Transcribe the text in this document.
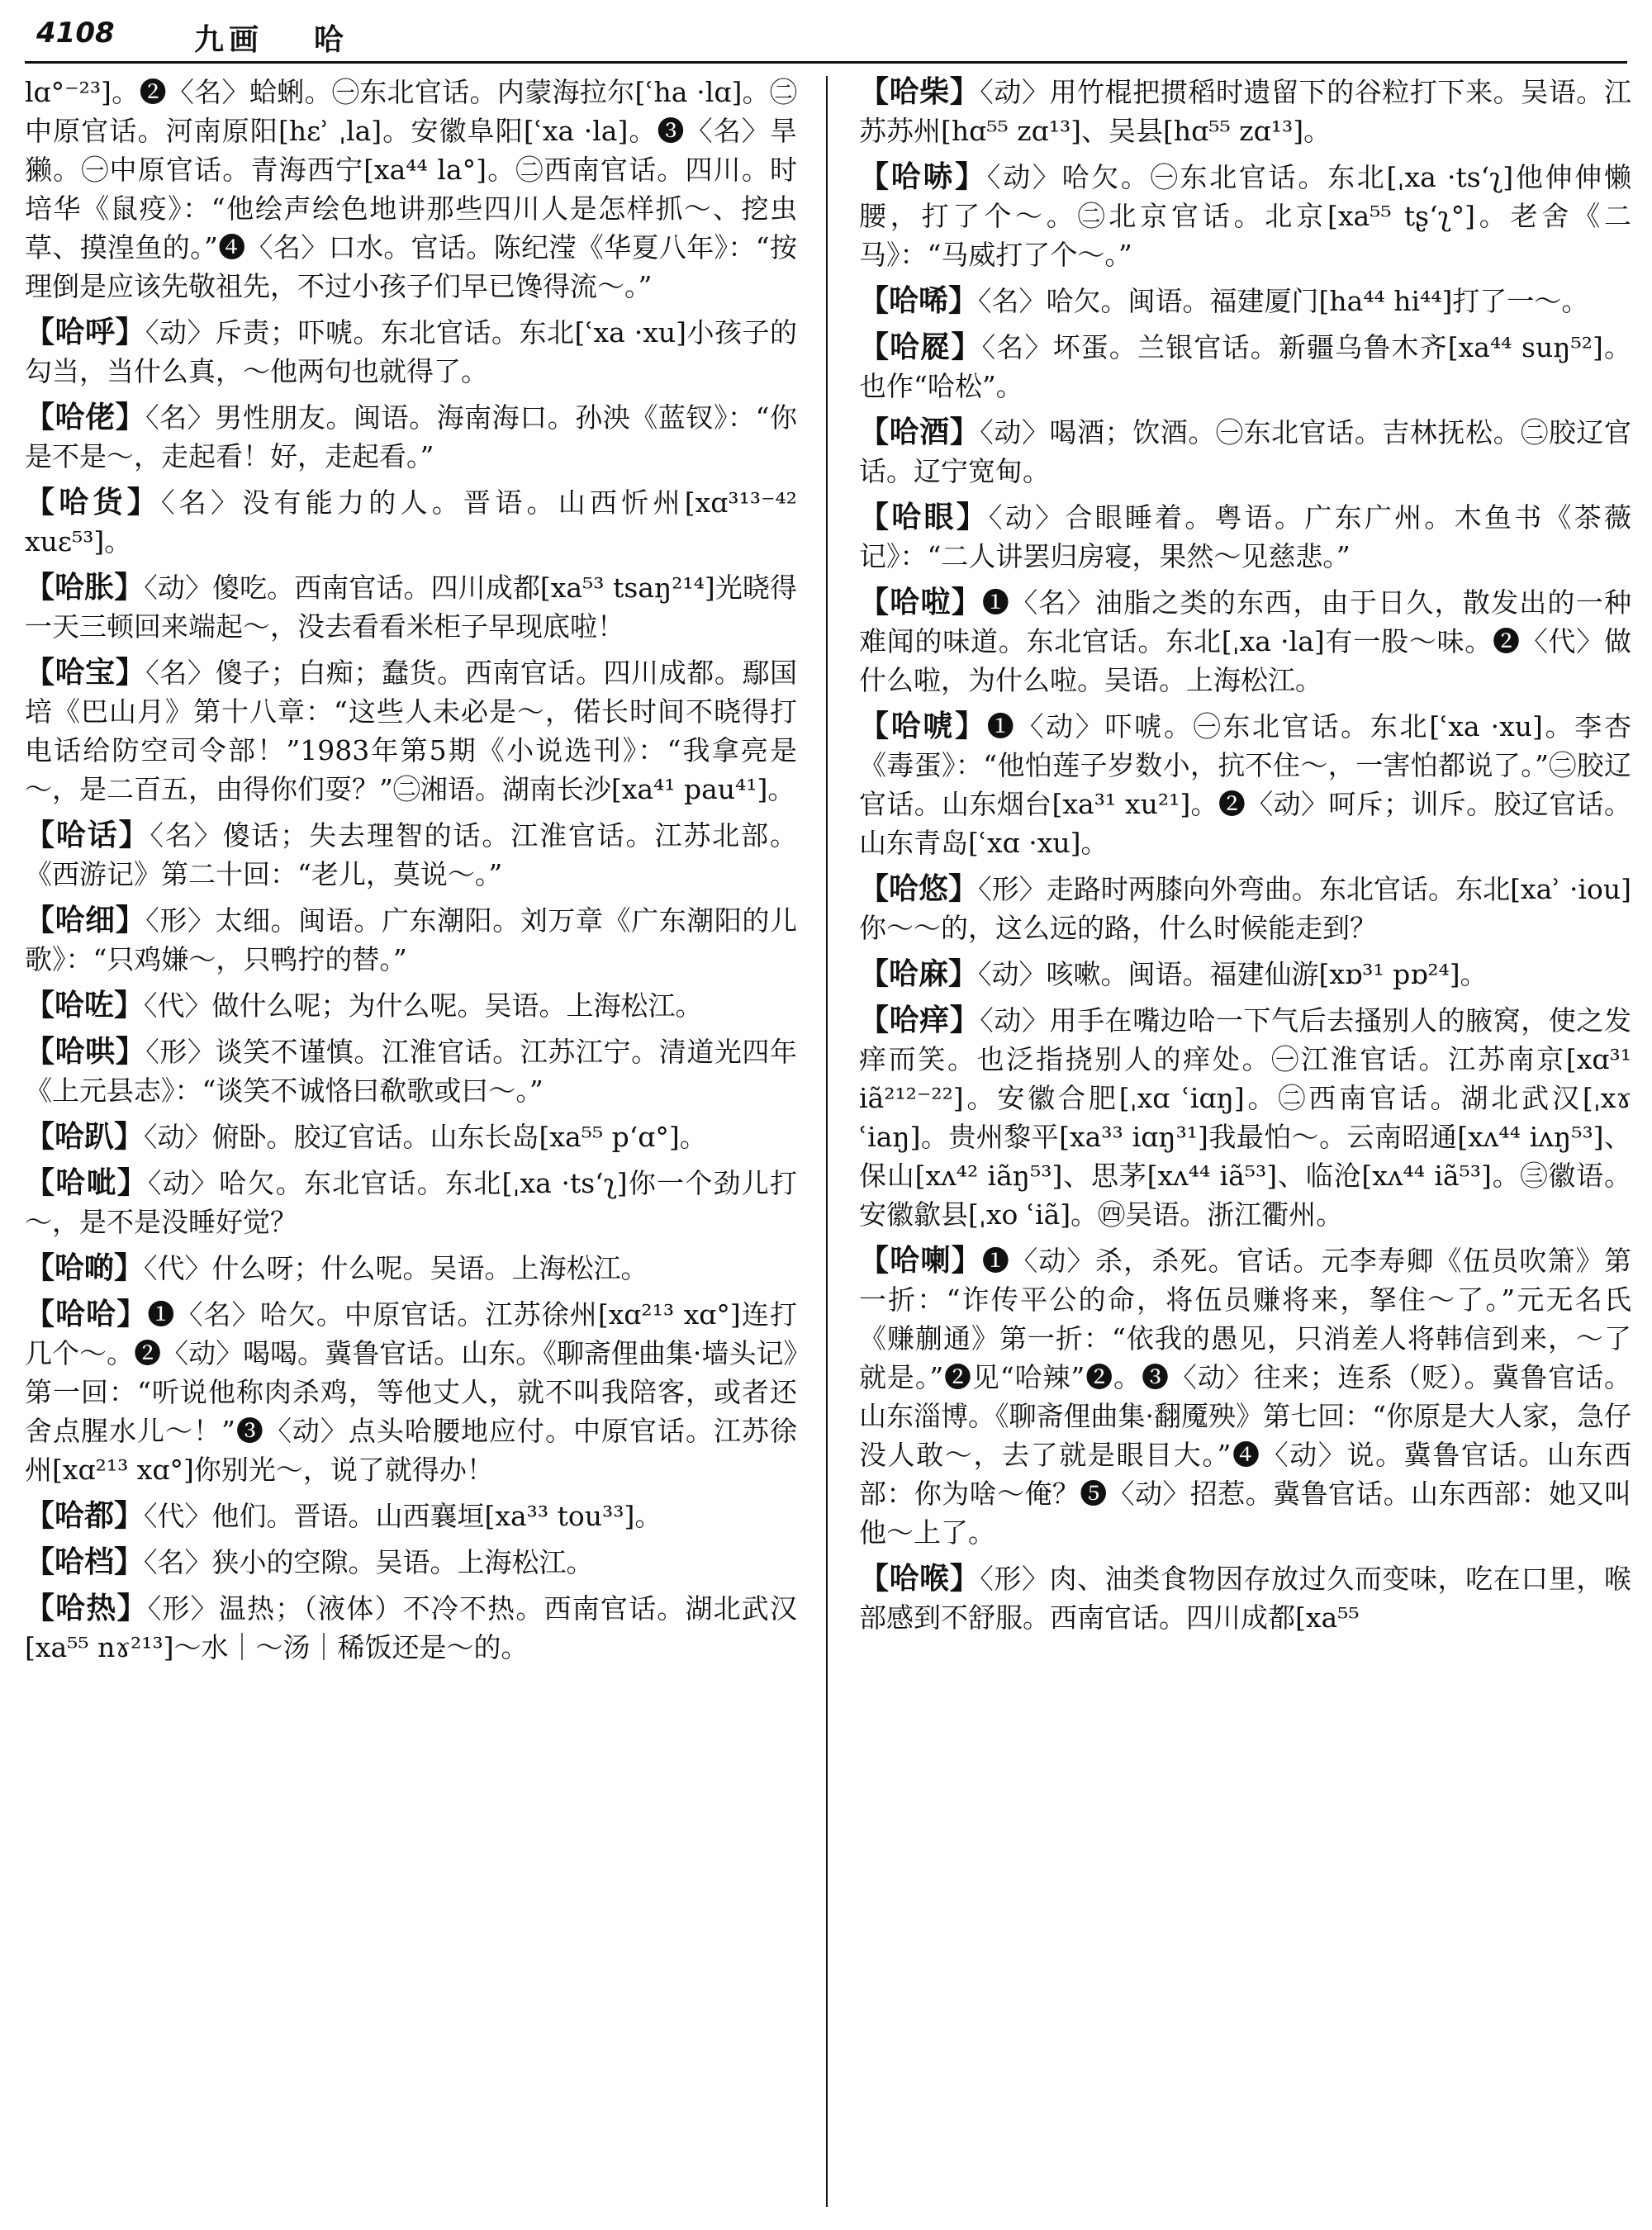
4108	九画 哈

lɑ°⁻²³]。❷〈名〉蛤蜊。㊀东北官话。内蒙海拉尔[ʿha ·lɑ]。㊁中原官话。河南原阳[hɛʾ ˌla]。安徽阜阳[ʿxa ·la]。❸〈名〉旱獭。㊀中原官话。青海西宁[xa⁴⁴ la°]。㊁西南官话。四川。时培华《鼠疫》：“他绘声绘色地讲那些四川人是怎样抓～、挖虫草、摸湟鱼的。”❹〈名〉口水。官话。陈纪滢《华夏八年》：“按理倒是应该先敬祖先，不过小孩子们早已馋得流～。”

【哈呼】〈动〉斥责；吓唬。东北官话。东北[ʿxa ·xu]小孩子的勾当，当什么真，～他两句也就得了。

【哈佬】〈名〉男性朋友。闽语。海南海口。孙泱《蓝钗》：“你是不是～，走起看！好，走起看。”

【哈货】〈名〉没有能力的人。晋语。山西忻州[xɑ³¹³⁻⁴² xuɛ⁵³]。

【哈胀】〈动〉傻吃。西南官话。四川成都[xa⁵³ tsaŋ²¹⁴]光晓得一天三顿回来端起～，没去看看米柜子早现底啦！

【哈宝】〈名〉傻子；白痴；蠢货。西南官话。四川成都。鄢国培《巴山月》第十八章：“这些人未必是～，偌长时间不晓得打电话给防空司令部！”1983年第5期《小说选刊》：“我拿亮是～，是二百五，由得你们耍？”㊁湘语。湖南长沙[xa⁴¹ pau⁴¹]。

【哈话】〈名〉傻话；失去理智的话。江淮官话。江苏北部。《西游记》第二十回：“老儿，莫说～。”

【哈细】〈形〉太细。闽语。广东潮阳。刘万章《广东潮阳的儿歌》：“只鸡嫌～，只鸭拧的替。”

【哈咗】〈代〉做什么呢；为什么呢。吴语。上海松江。

【哈哄】〈形〉谈笑不谨慎。江淮官话。江苏江宁。清道光四年《上元县志》：“谈笑不诚恪曰欷歌或曰～。”

【哈趴】〈动〉俯卧。胶辽官话。山东长岛[xa⁵⁵ pʻɑ°]。

【哈呲】〈动〉哈欠。东北官话。东北[ˌxa ·tsʻʅ]你一个劲儿打～，是不是没睡好觉？

【哈啲】〈代〉什么呀；什么呢。吴语。上海松江。

【哈哈】❶〈名〉哈欠。中原官话。江苏徐州[xɑ²¹³ xɑ°]连打几个～。❷〈动〉喝喝。冀鲁官话。山东。《聊斋俚曲集·墙头记》第一回：“听说他称肉杀鸡，等他丈人，就不叫我陪客，或者还舍点腥水儿～！”❸〈动〉点头哈腰地应付。中原官话。江苏徐州[xɑ²¹³ xɑ°]你别光～，说了就得办！

【哈都】〈代〉他们。晋语。山西襄垣[xa³³ tou³³]。

【哈档】〈名〉狭小的空隙。吴语。上海松江。

【哈热】〈形〉温热；（液体）不冷不热。西南官话。湖北武汉[xa⁵⁵ nɤ²¹³]～水｜～汤｜稀饭还是～的。

【哈柴】〈动〉用竹棍把掼稻时遗留下的谷粒打下来。吴语。江苏苏州[hɑ⁵⁵ zɑ¹³]、吴县[hɑ⁵⁵ zɑ¹³]。

【哈哧】〈动〉哈欠。㊀东北官话。东北[ˌxa ·tsʻʅ]他伸伸懒腰，打了个～。㊁北京官话。北京[xa⁵⁵ tʂʻʅ°]。老舍《二马》：“马威打了个～。”

【哈唏】〈名〉哈欠。闽语。福建厦门[ha⁴⁴ hi⁴⁴]打了一～。

【哈㞞】〈名〉坏蛋。兰银官话。新疆乌鲁木齐[xa⁴⁴ suŋ⁵²]。也作“哈松”。

【哈酒】〈动〉喝酒；饮酒。㊀东北官话。吉林抚松。㊁胶辽官话。辽宁宽甸。

【哈眼】〈动〉合眼睡着。粤语。广东广州。木鱼书《茶薇记》：“二人讲罢归房寝，果然～见慈悲。”

【哈啦】❶〈名〉油脂之类的东西，由于日久，散发出的一种难闻的味道。东北官话。东北[ˌxa ·la]有一股～味。❷〈代〉做什么啦，为什么啦。吴语。上海松江。

【哈唬】❶〈动〉吓唬。㊀东北官话。东北[ʿxa ·xu]。李杏《毒蛋》：“他怕莲子岁数小，抗不住～，一害怕都说了。”㊁胶辽官话。山东烟台[xa³¹ xu²¹]。❷〈动〉呵斥；训斥。胶辽官话。山东青岛[ʿxɑ ·xu]。

【哈悠】〈形〉走路时两膝向外弯曲。东北官话。东北[xaʾ ·iou]你～～的，这么远的路，什么时候能走到？

【哈麻】〈动〉咳嗽。闽语。福建仙游[xɒ³¹ pɒ²⁴]。

【哈痒】〈动〉用手在嘴边哈一下气后去搔别人的腋窝，使之发痒而笑。也泛指挠别人的痒处。㊀江淮官话。江苏南京[xɑ³¹ iã²¹²⁻²²]。安徽合肥[ˌxɑ ʿiɑŋ]。㊁西南官话。湖北武汉[ˌxɤ ʿiaŋ]。贵州黎平[xa³³ iɑŋ³¹]我最怕～。云南昭通[xʌ⁴⁴ iʌŋ⁵³]、保山[xʌ⁴² iãŋ⁵³]、思茅[xʌ⁴⁴ iã⁵³]、临沧[xʌ⁴⁴ iã⁵³]。㊂徽语。安徽歙县[ˌxo ʿiã]。㊃吴语。浙江衢州。

【哈喇】❶〈动〉杀，杀死。官话。元李寿卿《伍员吹箫》第一折：“诈传平公的命，将伍员赚将来，拏住～了。”元无名氏《赚蒯通》第一折：“依我的愚见，只消差人将韩信到来，～了就是。”❷见“哈辣”❷。❸〈动〉往来；连系（贬）。冀鲁官话。山东淄博。《聊斋俚曲集·翻魇殃》第七回：“你原是大人家，急仔没人敢～，去了就是眼目大。”❹〈动〉说。冀鲁官话。山东西部：你为啥～俺？❺〈动〉招惹。冀鲁官话。山东西部：她又叫他～上了。

【哈喉】〈形〉肉、油类食物因存放过久而变味，吃在口里，喉部感到不舒服。西南官话。四川成都[xa⁵⁵
